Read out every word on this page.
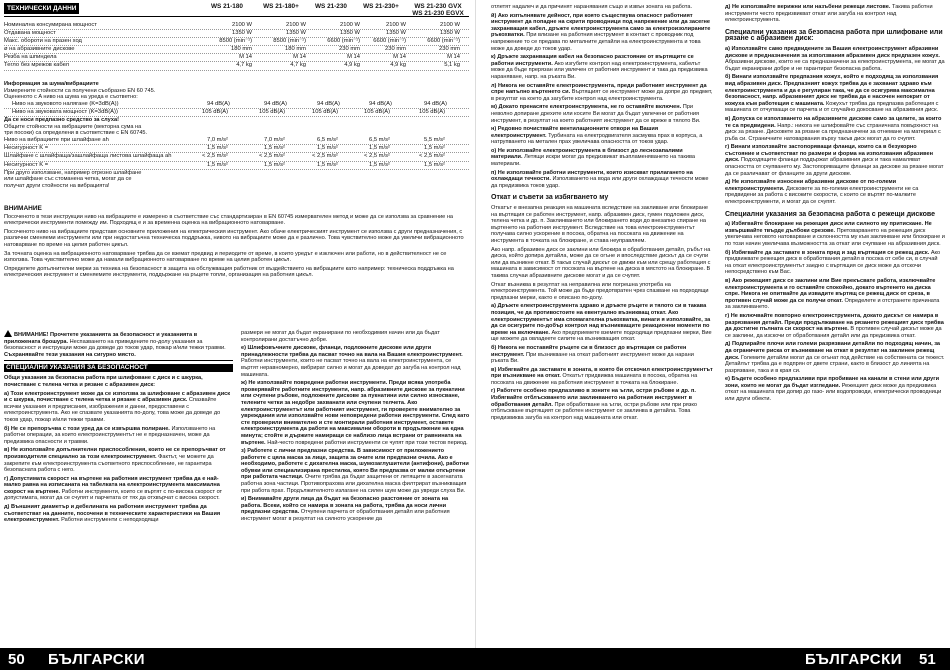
ТЕХНИЧЕСКИ ДАННИ	WS 21-180	WS 21-180+	WS 21-230	WS 21-230+	WS 21-230 GVX
WS 21-230 EGVX
Номинална консумирана мощност	2100 W	2100 W	2100 W	2100 W	2100 W
Отдавана мощност	1350 W	1350 W	1350 W	1350 W	1350 W
Макс. обороти на празен ход	8500 (min⁻¹)	8500 (min⁻¹)	6600 (min⁻¹)	6600 (min⁻¹)	6600 (min⁻¹)
ø на абразивните дискове	180 mm	180 mm	230 mm	230 mm	230 mm
Резба на шпиндела	M 14	M 14	M 14	M 14	M 14
Тегло без мрежов кабел	4,7 kg	4,7 kg	4,9 kg	4,9 kg	5,1 kg
Информация за шума/вибрациите
Измерените стойности са получени съобразно EN 60 745.
Оцененото с A ниво на шума на уреда е съответно:
Ниво на звуковото налягане (K=3dB(A))	94 dB(A)	94 dB(A)	94 dB(A)	94 dB(A)	94 dB(A)
Ниво на звуковата мощност (K=3dB(A))	105 dB(A)	105 dB(A)	105 dB(A)	105 dB(A)	105 dB(A)
Да се носи предпазно средство за слуха!
Общите стойности на вибрациите (векторна сума на
три посоки) са определени в съответствие с EN 60745.
Ниво на вибрациите при шлайфане ah	7,0 m/s²	7,0 m/s²	6,5 m/s²	6,5 m/s²	5,5 m/s²
Несигурност K =	1,5 m/s²	1,5 m/s²	1,5 m/s²	1,5 m/s²	1,5 m/s²
Шлайфане с шлайфаща/зашлайфаща листова шлайфаща ah	< 2,5 m/s²	< 2,5 m/s²	< 2,5 m/s²	< 2,5 m/s²	< 2,5 m/s²
Несигурност K =	1,5 m/s²	1,5 m/s²	1,5 m/s²	1,5 m/s²	1,5 m/s²
При друго използване, например отрезно шлайфане
или шлайфане със стоманена четка, могат да се
получат други стойности на вибрацията!
ВНИМАНИЕ

Посоченото в тези инструкции ниво на вибрациите е измерено в съответствие със стандартизиран в EN 60745 измервателен метод и може да се използва за сравнение на електрически инструменти помежду им. Подходящ е и за временна оценка на вибрационното натоварване.

Посоченото ниво на вибрациите представя основните приложения на електрическия инструмент. Ако обаче електрическият инструмент се използва с други предназначения, с различни сменяеми инструменти или при недостатъчна техническа поддръжка, нивото на вибрациите може да е различно. Това чувствително може да увеличи вибрационното натоварване по време на целия работен цикъл.

За точната оценка на вибрационното натоварване трябва да се вземат предвид и периодите от време, в които уредът е изключен или работи, но в действителност не се използва. Това чувствително може да намали вибрационното натоварване по време на целия работен цикъл.

Определете допълнителни мерки за техника на безопасност в защита на обслужващия работник от въздействието на вибрациите като например: техническа поддръжка на електрическия инструмент и сменяемите инструменти, поддържане на ръцете топли, организация на работния цикъл.

ВНИМАНИЕ! Прочетете указанията за безопасност и указанията в приложената брошура. Неспазването на приведените по-долу указания за безопасност и инструкции може да доведе до токов удар, пожар и/или тежки травми. Съхранявайте тези указания на сигурно място.
СПЕЦИАЛНИ УКАЗАНИЯ ЗА БЕЗОПАСНОСТ

Общи указания за безопасна работа при шлифоване с диск и с шкурка, почистване с телена четка и рязане с абразивен диск:

а) Този електроинструмент може да се използва за шлифоване с абразивен диск и с шкурка, почистване с телена четка и рязане с абразивен диск. Спазвайте всички указания и предписания, изображения и данни, предоставени с електроинструмента. Ако не спазвате указанията по-долу, това може да доведе до токов удар, пожар и/или тежки травми.

б) Не се препоръчва с този уред да се извършва полиране. Използването на работни операции, за които електроинструментът не е предназначен, може да предизвика опасности и травми.

в) Не използвайте допълнителни приспособления, които не се препоръчват от производителя специално за този електроинструмент. Фактът, че можете да закрепите към електроинструмента съответното приспособление, не гарантира безопасната работа с него.

г) Допустимата скорост на въртене на работния инструмент трябва да е най-малко равна на изписаната на табелката на електроинструмента максимална скорост на въртене. Работни инструменти, които се въртят с по-висока скорост от допустимата, могат да се счупят и парчетата от тях да отхвърчат с висока скорост.

д) Външният диаметър и дебелината на работния инструмент трябва да съответстват на данните, посочени в техническите характеристики на Вашия електроинструмент. Работни инструменти с неподходящи

размери не могат да бъдат екранирани по необходимия начин или да бъдат контролирани достатъчно добре.

е) Шлифовъчните дискове, фланци, подложните дискове или други принадлежности трябва да пасват точно на вала на Вашия електроинструмент. Работни инструменти, които не пасват точно на вала на електроинструмента, се въртят неравномерно, вибрират силно и могат да доведат до загуба на контрол над машината.

ж) Не използвайте повредени работни инструменти. Преди всяка употреба проверявайте работните инструменти, напр. абразивните дискове за пукнатини или счупени ръбове, подложните дискове за пукнатини или силно износване, телените четки за недобре захванати или счупени телчета. Ако електроинструментът или работният инструмент, ги проверете внимателно за увреждания или използвайте нови неповредени работни инструменти. След като сте проверили внимателно и сте монтирали работния инструмент, оставете електроинструмента да работи на максимални обороти в продължение на една минута; стойте и държите намиращи се наблизо лица встрани от равнината на въртене. Най-често повредени работни инструменти се чупят при този тестов период.

з) Работете с лични предпазни средства. В зависимост от приложението работете с цяла маска за лице, защита за очите или предпазни очила. Ако е необходимо, работете с дихателна маска, шумозаглушители (антифони), работни обувки или специализирана престилка, която Ви предпазва от малки откъртени при работата частици. Очите трябва да бъдат защитени от летящите в засегнатата работна зона частици. Противопрахова или дихателна маска филтрират възникващия при работа прах. Продължителното излагане на силен шум може да увреди слуха Ви.

и) Внимавайте други лица да бъдат на безопасно разстояние от зоната на работа. Всеки, който се намира в зоната на работа, трябва да носи лични предпазни средства. Отчупени парчета от обработвания детайл или работния инструмент могат в резултат на силното ускорение да

50 БЪЛГАРСКИ

отлетят надалеч и да причинят наранявания също и извън зоната на работа.

й) Ако изпълнявате дейност, при която съществува опасност работният инструмент да попадне на скрити проводници под напрежение или да засегне захранващия кабел, дръжте електроинструмента само за електроизолираните ръкохватки. При влизане на работния инструмент в контакт с проводник под напрежение то се предава по металните детайли на електроинструмента и това може да доведе до токов удар.

к) Дръжте захранващия кабел на безопасно разстояние от въртящите се работни инструменти. Ако изгубите контрол над електроинструмента, кабелът може да бъде прерязан или увлечен от работния инструмент и така да предизвика нараняване, напр. на ръката Ви.

л) Никога не оставяйте електроинструмента, преди работният инструмент да спре напълно въртенето си. Въртящият се инструмент може да допре до предмет, в резултат на което да загубите контрол над електроинструмента.

м) Докато пренасяте електроинструмента, не го оставяйте включен. При неволно допиране дрехите или косите Ви могат да бъдат увлечени от работния инструмент, в резултат на което работният инструмент да се вреже в тялото Ви.

н) Редовно почиствайте вентилационните отвори на Вашия електроинструмент. Турбината на електродвигателя засмуква прах в корпуса, а натрупването на метален прах увеличава опасността от токов удар.

о) Не използвайте електроинструмента в близост до леснозапалими материали. Летящи искри могат да предизвикат възпламеняването на такива материали.

п) Не използвайте работни инструменти, които изискват прилагането на охлаждащи течности. Използването на вода или други охлаждащи течности може да предизвика токов удар.

Откат и съвети за избягването му

Откатът е внезапна реакция на машината вследствие на закливане или блокиране на въртящия се работен инструмент, напр. абразивен диск, гумен подложен диск, телена четка и др. п. Заклинването или блокирането води до внезапно спиране на въртенето на работния инструмент. Вследствие на това електроинструментът получава силно ускорение в посока, обратна на посоката на движение на инструмента в точката на блокиране, и става неуправляем.

Ако напр. абразивен диск се заклини или блокира в обработвания детайл, ръбът на диска, който допира детайла, може да се огъне и впоследствие дискът да се счупи или да възникне откат. В такъв случай дискът се движи към или срещу работещия с машината в зависимост от посоката на въртене на диска в мястото на блокиране. В такива случаи абразивните дискове могат и да се счупят.

Откат възниква в резултат на неправилна или погрешна употреба на електроинструмента. Той може да бъде предотвратен чрез спазване на подходящи предпазни мерки, както е описано по-долу.

а) Дръжте електроинструмента здраво и дръжте ръцете и тялото си в такава позиция, че да противостоите на евентуално възникващ откат. Ако електроинструментът има спомагателна ръкохватка, винаги я използвайте, за да си осигурите по-добър контрол над възникващите реакционни моменти по време на включване. Ако предприемете вземете подходящи предпазни мерки, Вие ще можете да овладеете силите на възникващия откат.

б) Никога не поставяйте ръцете си в близост до въртящия се работен инструмент. При възникване на откат работният инструмент може да нарани ръката Ви.

в) Избягвайте да заставате в зоната, в която би отскочил електроинструментът при възникване на откат. Откатът придвижва машината в посока, обратна на посоката на движение на работния инструмент в точката на блокиране.

г) Работете особено предпазливо в зоните на ъгли, остри ръбове и др. п. Избягвайте отблъскването или заклинването на работния инструмент в обработвания детайл. При обработване на ъгли, остри ръбове или при рязко отблъскване въртящият се работен инструмент се заклинва в детайла. Това предизвиква загуба на контрол над машината или откат.

д) Не използвайте верижни или назъбени режещи листове. Такива работни инструменти често предизвикват откат или загуба на контрол над електроинструмента.

Специални указания за безопасна работа при шлифоване или рязане с абразивен диск:

а) Използвайте само предвидените за Вашия електроинструмент абразивни дискове и предназначения за използвания абразивен диск предпазен кожух. Абразивни дискове, които не са предназначени за електроинструмента, не могат да бъдат екранирани добре и не гарантират безопасна работа.

б) Винаги използвайте предпазния кожух, който е подходящ за използвания вид абразивен диск. Предпазният кожух трябва да е захванат здраво към електроинструмента и да е регулиран така, че да се осигурява максимална безопасност, напр. абразивният диск не трябва да е насочен непокрит от кожуха към работещия с машината. Кожухът трябва да предпазва работещия с машината от отчупващи се парчета и от случайно докосване на абразивния диск.

в) Допуска се използването на абразивните дискове само за целите, за които те са предвидени. Напр.: никога не шлифовайте със страничната повърхност на диск за рязане. Дисковете за рязане са предназначени за отнемане на материал с ръба си. Страничните натоварвания върху такъв диск могат да го счупят.

г) Винаги използвайте застопоряващи фланци, които са в безукорно състояние и съответстват по размери и форма на използвания абразивен диск. Подходящите фланци поддържат абразивния диск и така намаляват опасността от счупването му. Застопоряващите фланци за дискове за рязане могат да се различават от фланците за други дискове.

д) Не използвайте износени абразивни дискове от по-големи електроинструменти. Дисковете за по-големи електроинструменти не са предвидени за работа с високите скорости, с които се въртят по-малките електроинструменти, и могат да се счупят.

Специални указания за безопасна работа с режещи дискове

а) Избягвайте блокиране на режещия диск или силното му притискане. Не извършвайте твърде дълбоки срезове. Претоварването на режещия диск увеличава неговото натоварване и склонността му към заклинване или блокиране и по този начин увеличава възможността за откат или счупване на абразивния диск.

б) Избягвайте да заставате в зоната пред и зад въртящия се режещ диск. Ако придвижвате режещия диск в обработвания детайл в посока от себе си, в случай на откат електроинструментът заедно с въртящия се диск може да отскочи непосредствено към Вас.

в) Ако режещият диск се заклини или Вие прекъсвате работа, изключвайте електроинструмента и го оставяйте спокойно, докато въртенето на диска спре. Никога не опитвайте да извадите въртящ се режещ диск от среза, в противен случай може да се получи откат. Определете и отстранете причината за заклинването.

г) Не включвайте повторно електроинструмента, докато дискът се намира в разрязвания детайл. Преди продължаване на рязането режещият диск трябва да достигне пълната си скорост на въртене. В противен случай дискът може да се заклини, да изскочи от обработвания детайл или да предизвика откат.

д) Подпирайте плочи или големи разрязвани детайли по подходящ начин, за да ограничите риска от възникване на откат в резултат на заклинен режещ диск. Големите детайли могат да се огънат под действие на собствената си тежест. Детайлът трябва да е подпрян от двете страни, както в близост до линията на разрязване, така и в края си.

е) Бъдете особено предпазливи при пробиване на канали в стени или други зони, които не могат да бъдат изгледани. Режещият диск може да предизвика откат на машината при допир до газо- или водопроводи, електрически проводници или други обекти.

БЪЛГАРСКИ 51
